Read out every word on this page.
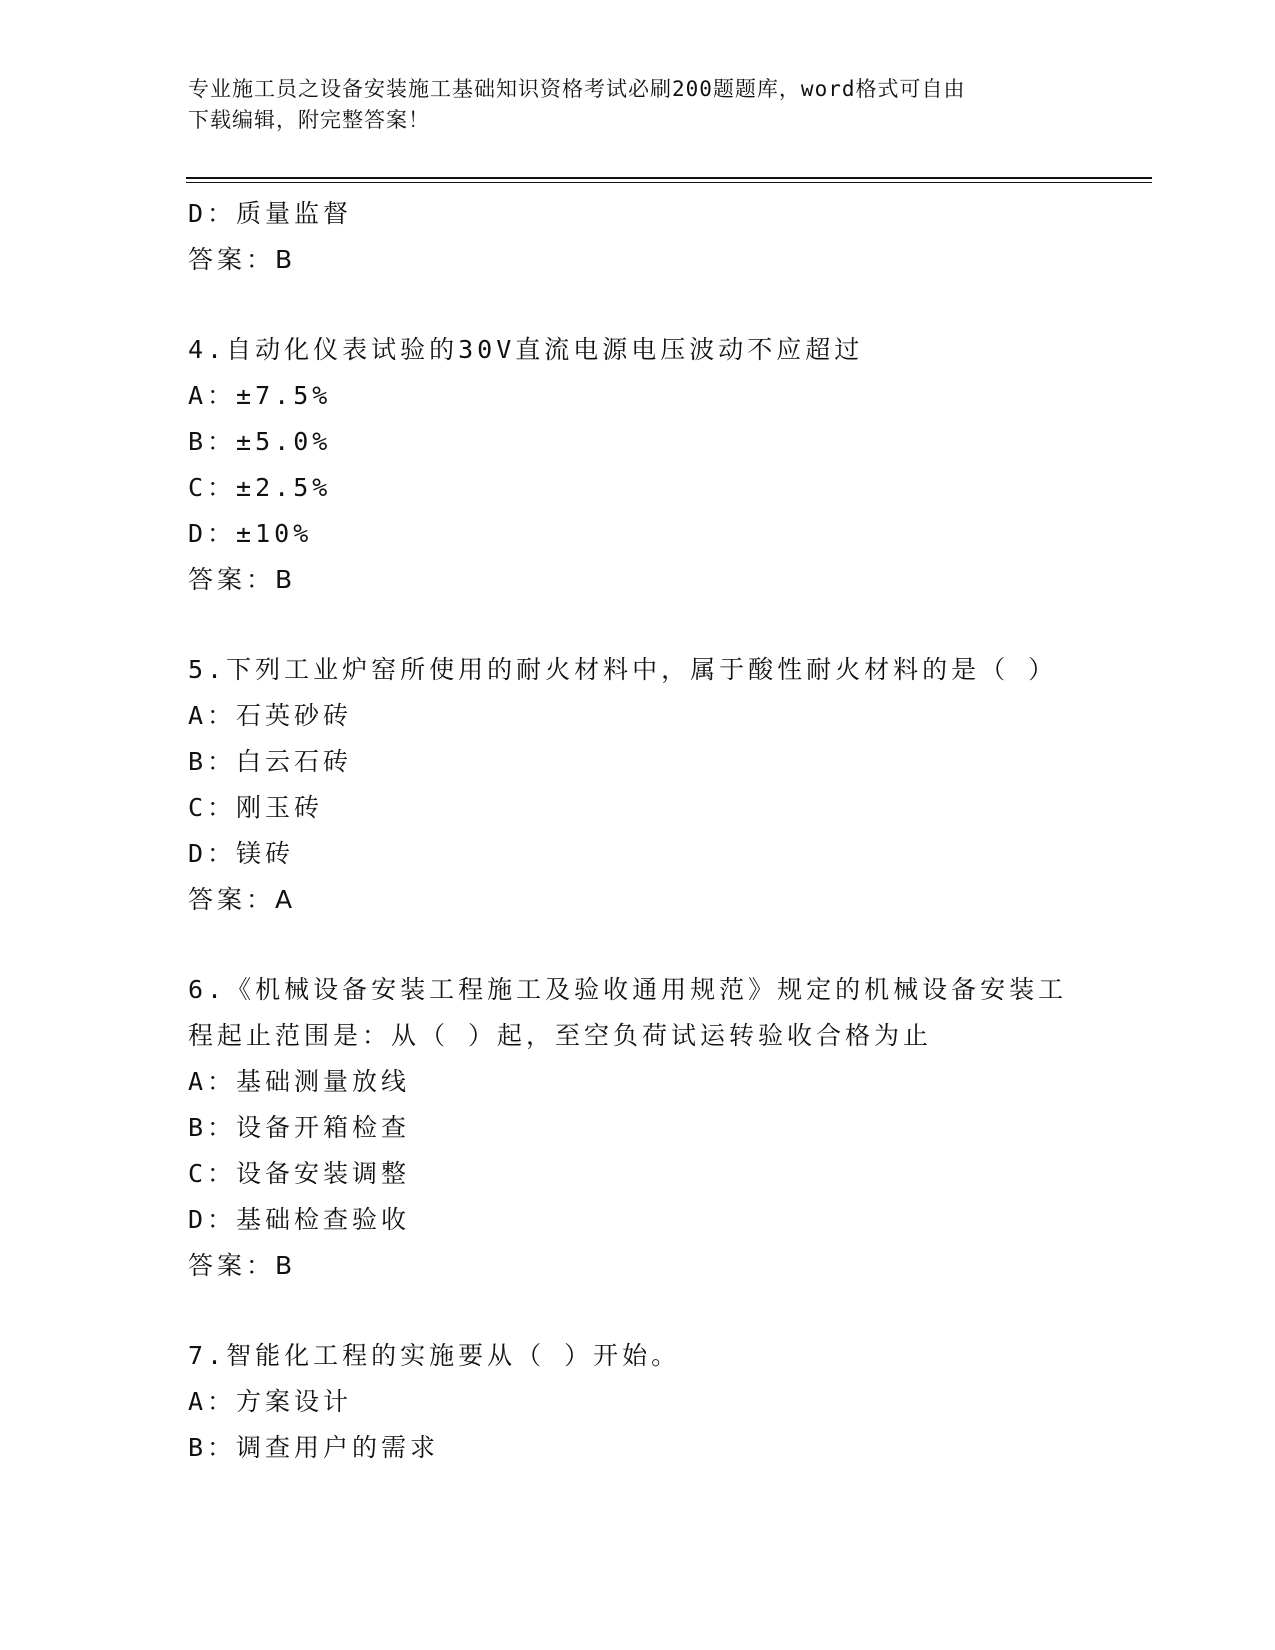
专业施工员之设备安装施工基础知识资格考试必刷200题题库，word格式可自由
下载编辑，附完整答案！
D：质量监督
答案：B
4.自动化仪表试验的30V直流电源电压波动不应超过
A：±7.5%
B：±5.0%
C：±2.5%
D：±10%
答案：B
5.下列工业炉窑所使用的耐火材料中，属于酸性耐火材料的是（ ）
A：石英砂砖
B：白云石砖
C：刚玉砖
D：镁砖
答案：A
6.《机械设备安装工程施工及验收通用规范》规定的机械设备安装工
程起止范围是：从（ ）起，至空负荷试运转验收合格为止
A：基础测量放线
B：设备开箱检查
C：设备安装调整
D：基础检查验收
答案：B
7.智能化工程的实施要从（ ）开始。
A：方案设计
B：调查用户的需求
